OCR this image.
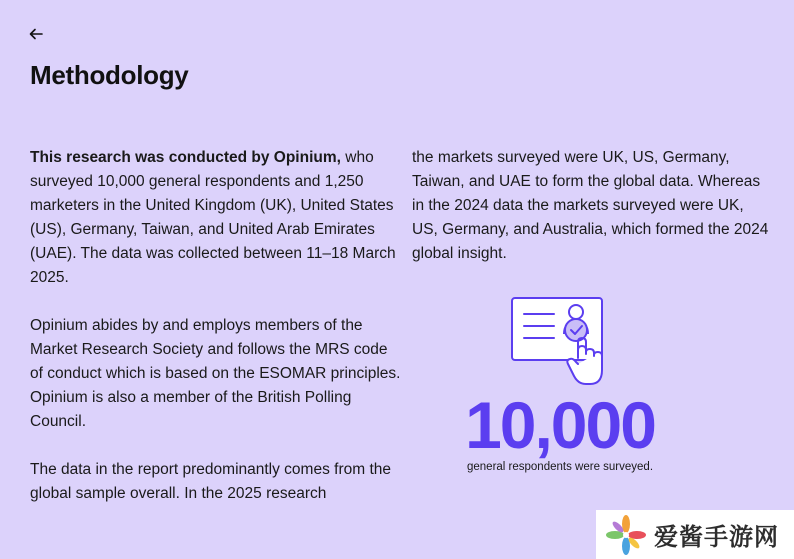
Methodology

This research was conducted by Opinium, who surveyed 10,000 general respondents and 1,250 marketers in the United Kingdom (UK), United States (US), Germany, Taiwan, and United Arab Emirates (UAE). The data was collected between 11–18 March 2025.

Opinium abides by and employs members of the Market Research Society and follows the MRS code of conduct which is based on the ESOMAR principles. Opinium is also a member of the British Polling Council.

The data in the report predominantly comes from the global sample overall. In the 2025 research

the markets surveyed were UK, US, Germany, Taiwan, and UAE to form the global data. Whereas in the 2024 data the markets surveyed were UK, US, Germany, and Australia, which formed the 2024 global insight.

10,000
general respondents were surveyed.
爱酱手游网
